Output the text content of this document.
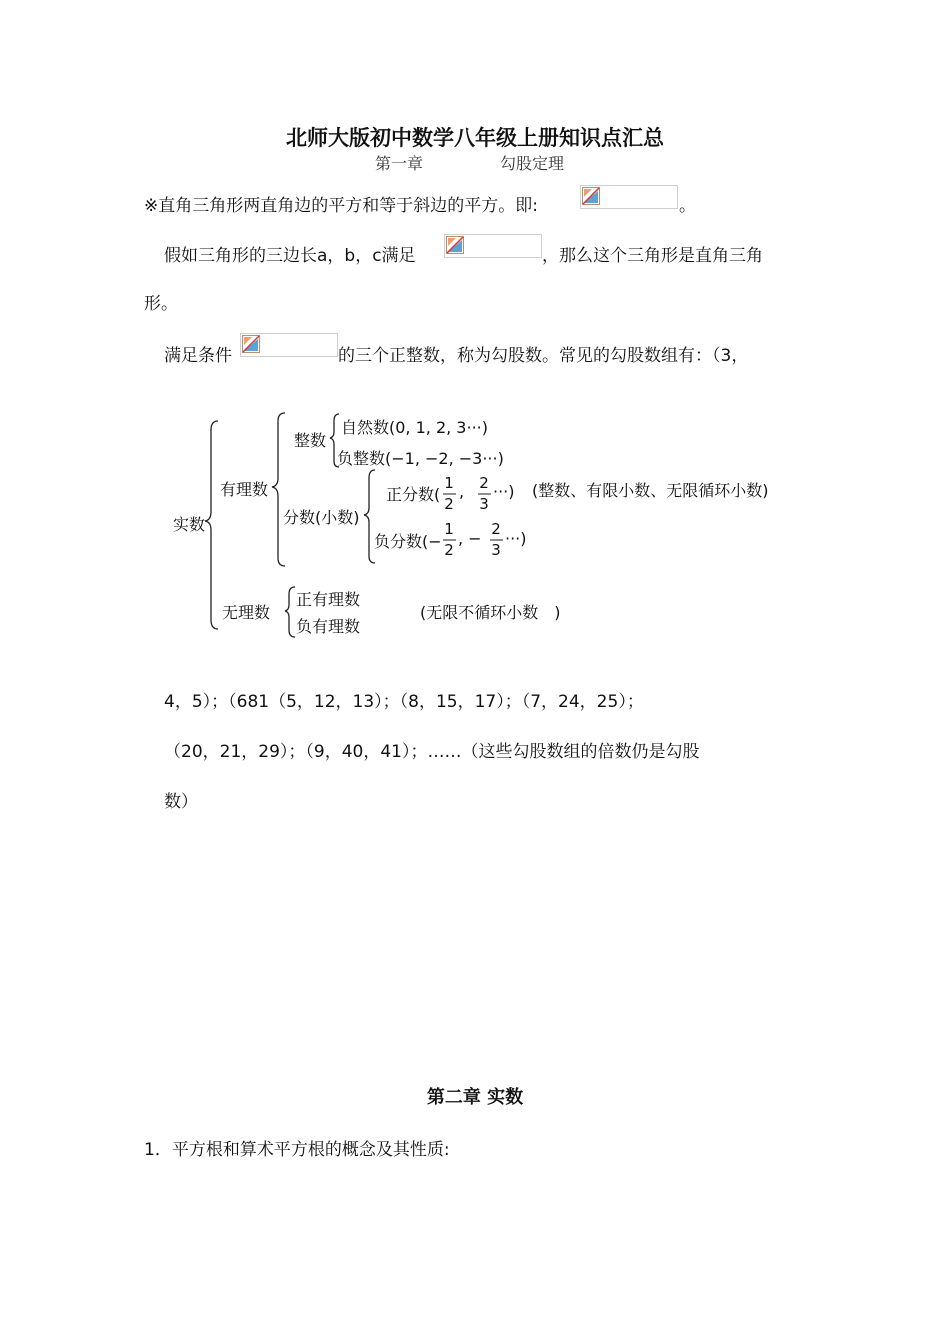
北师大版初中数学八年级上册知识点汇总
第一章	勾股定理
※直角三角形两直角边的平方和等于斜边的平方。即:	。
假如三角形的三边长a，b，c满足	，那么这个三角形是直角三角
形。
满足条件	的三个正整数，称为勾股数。常见的勾股数组有：（3，
实数
有理数
整数
自然数(0, 1, 2, 3···)
负整数(−1, −2, −3···)
分数(小数)
正分数(
1
2
, 2
3
···) (整数、有限小数、无限循环小数)
负分数(−
1
2
, − 2
3
···)
无理数
正有理数
负有理数
(无限不循环小数　)
4，5）；（681（5，12，13）；（8，15，17）；（7，24，25）；
（20，21，29）；（9，40，41）；……（这些勾股数组的倍数仍是勾股
数）
第二章 实数
1．平方根和算术平方根的概念及其性质:
